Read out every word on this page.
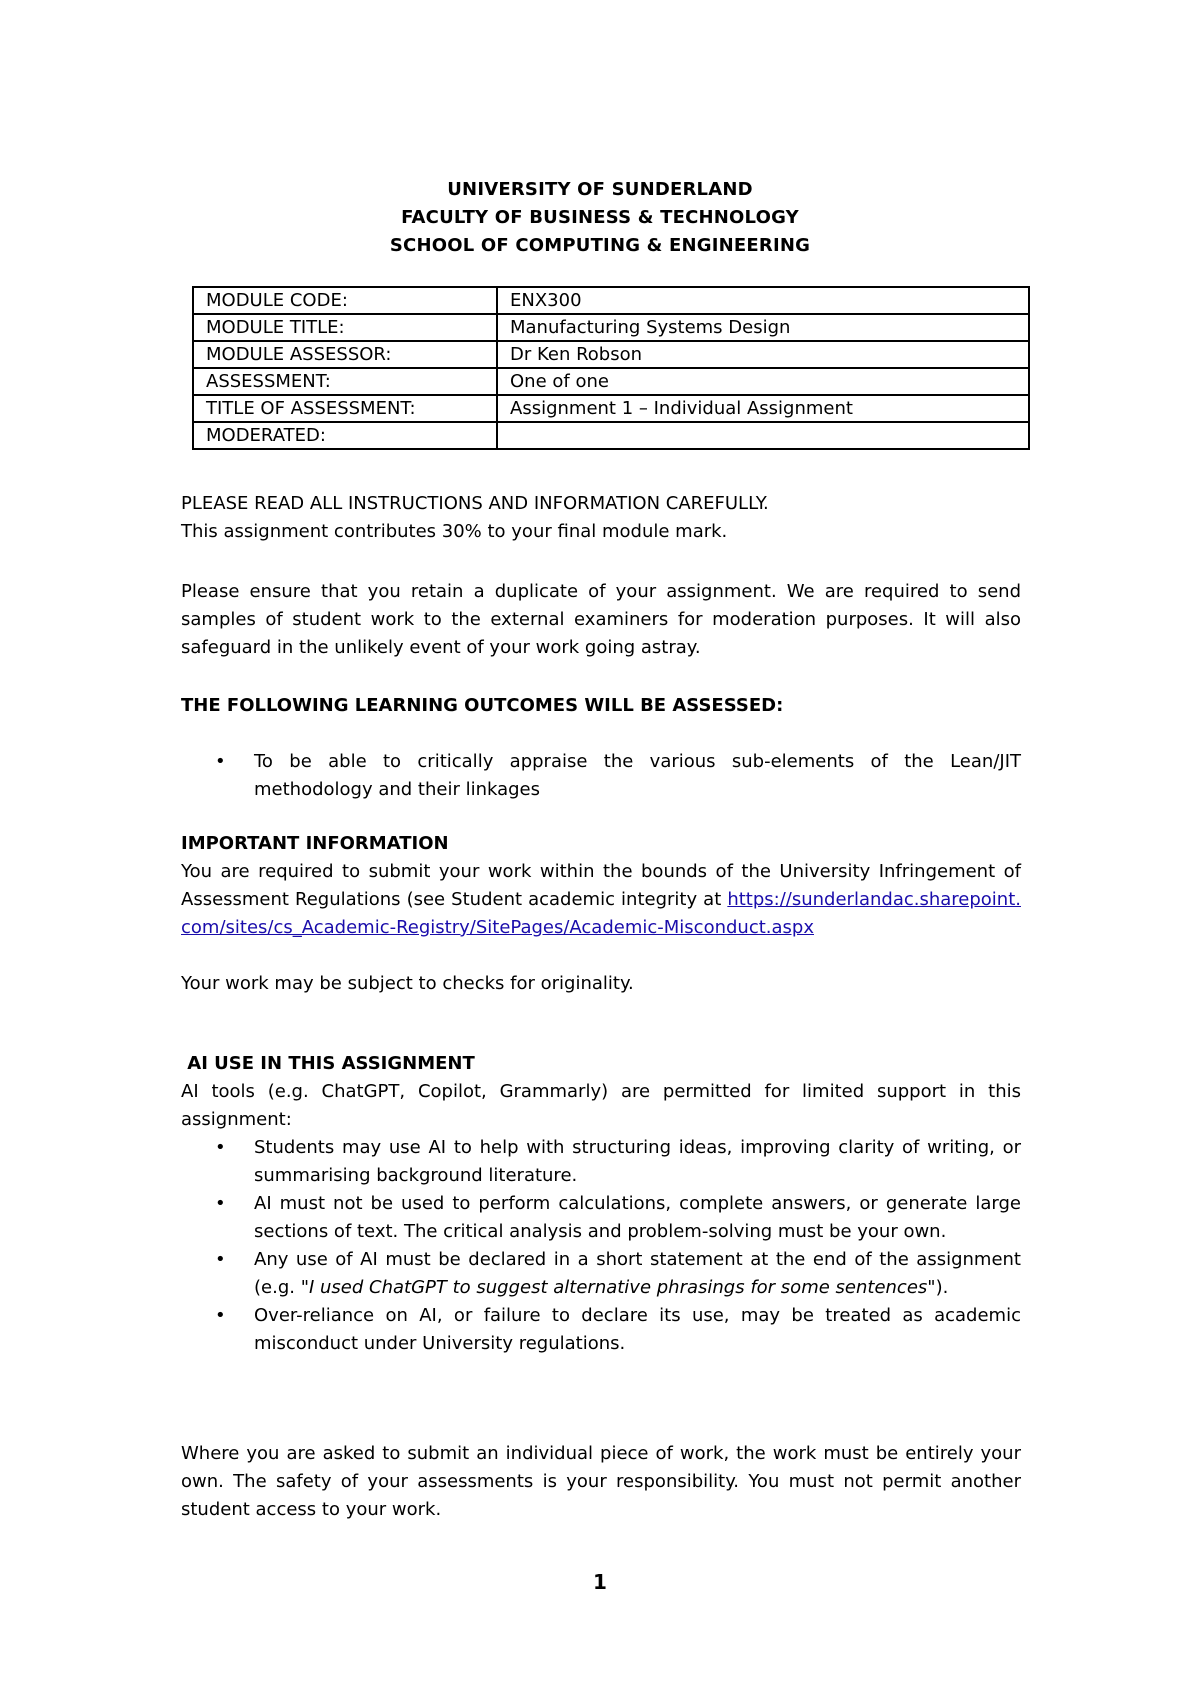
UNIVERSITY OF SUNDERLAND
FACULTY OF BUSINESS & TECHNOLOGY
SCHOOL OF COMPUTING & ENGINEERING
MODULE CODE:	ENX300
MODULE TITLE:	Manufacturing Systems Design
MODULE ASSESSOR:	Dr Ken Robson
ASSESSMENT:	One of one
TITLE OF ASSESSMENT:	Assignment 1 – Individual Assignment
MODERATED:	

PLEASE READ ALL INSTRUCTIONS AND INFORMATION CAREFULLY.

This assignment contributes 30% to your final module mark.

Please ensure that you retain a duplicate of your assignment. We are required to send samples of student work to the external examiners for moderation purposes. It will also safeguard in the unlikely event of your work going astray.

THE FOLLOWING LEARNING OUTCOMES WILL BE ASSESSED:

• To be able to critically appraise the various sub-elements of the Lean/JIT methodology and their linkages

IMPORTANT INFORMATION

You are required to submit your work within the bounds of the University Infringement of Assessment Regulations (see Student academic integrity at https://sunderlandac.sharepoint.com/sites/cs_Academic-Registry/SitePages/Academic-Misconduct.aspx

Your work may be subject to checks for originality.

AI USE IN THIS ASSIGNMENT

AI tools (e.g. ChatGPT, Copilot, Grammarly) are permitted for limited support in this assignment:

• Students may use AI to help with structuring ideas, improving clarity of writing, or summarising background literature.
• AI must not be used to perform calculations, complete answers, or generate large sections of text. The critical analysis and problem-solving must be your own.
• Any use of AI must be declared in a short statement at the end of the assignment (e.g. "I used ChatGPT to suggest alternative phrasings for some sentences").
• Over-reliance on AI, or failure to declare its use, may be treated as academic misconduct under University regulations.

Where you are asked to submit an individual piece of work, the work must be entirely your own. The safety of your assessments is your responsibility. You must not permit another student access to your work.

1
